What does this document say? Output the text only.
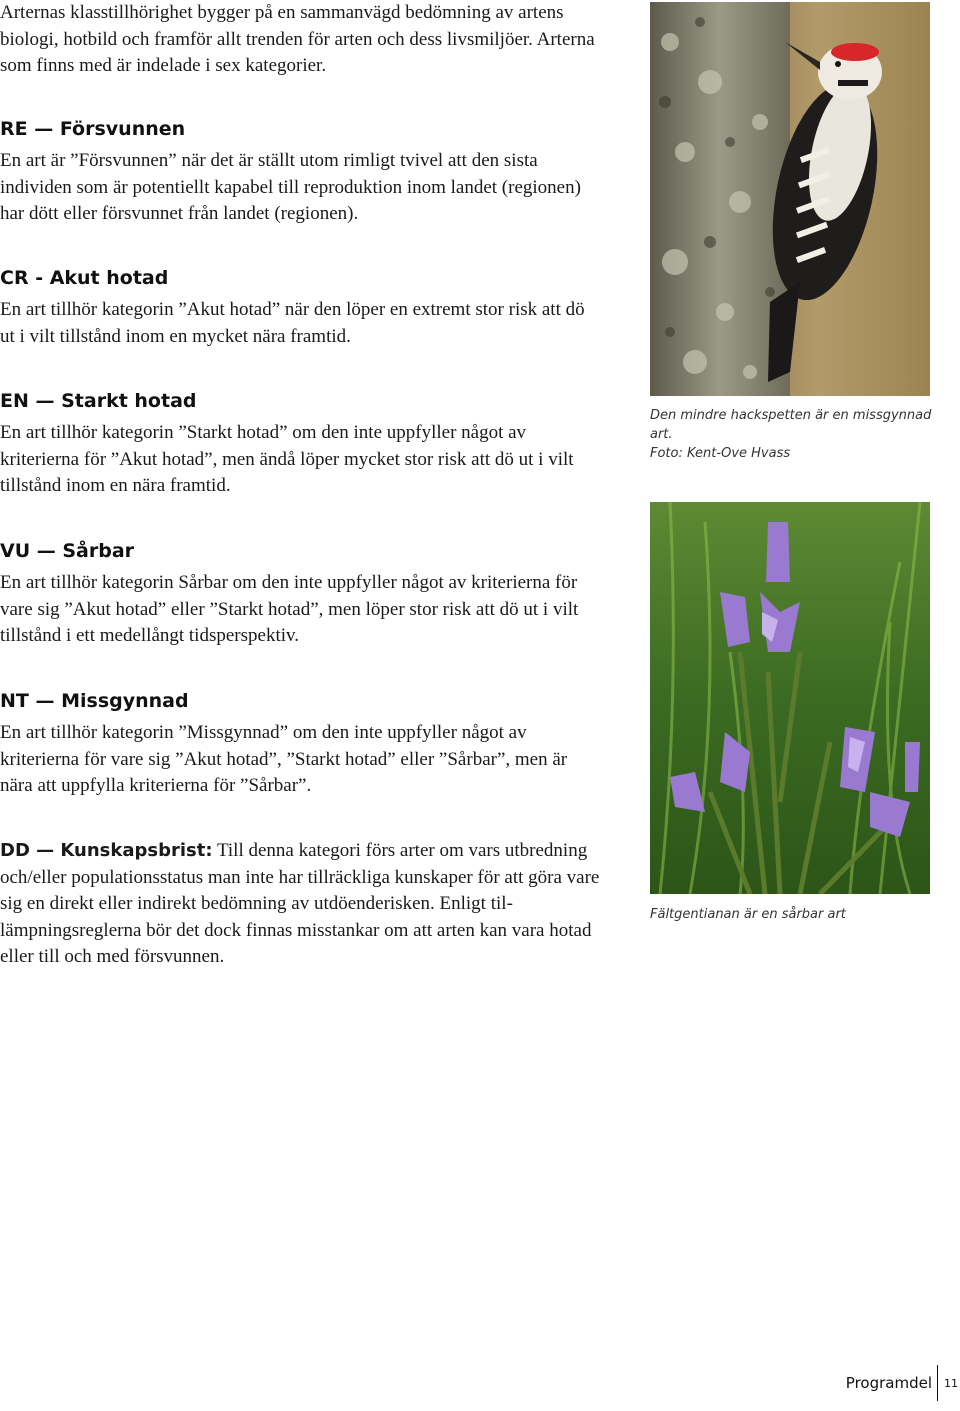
Arternas klasstillhörighet bygger på en sammanvägd bedömning av artens biologi, hotbild och framför allt trenden för arten och dess livsmiljöer. Arterna som finns med är indelade i sex kategorier.

RE — Försvunnen

En art är ”Försvunnen” när det är ställt utom rimligt tvivel att den sista individen som är potentiellt kapabel till reproduktion inom landet (regionen) har dött eller försvunnet från landet (regionen).

CR - Akut hotad

En art tillhör kategorin ”Akut hotad” när den löper en extremt stor risk att dö ut i vilt tillstånd inom en mycket nära framtid.

EN — Starkt hotad

En art tillhör kategorin ”Starkt hotad” om den inte uppfyller något av kriterierna för ”Akut hotad”, men ändå löper mycket stor risk att dö ut i vilt tillstånd inom en nära framtid.

VU — Sårbar

En art tillhör kategorin Sårbar om den inte uppfyller något av kriterierna för vare sig ”Akut hotad” eller ”Starkt hotad”, men löper stor risk att dö ut i vilt tillstånd i ett medellångt tidsperspektiv.

NT — Missgynnad

En art tillhör kategorin ”Missgynnad” om den inte uppfyller något av kriterierna för vare sig ”Akut hotad”, ”Starkt hotad” eller ”Sårbar”, men är nära att uppfylla kriterierna för ”Sårbar”.

DD — Kunskapsbrist: Till denna kategori förs arter om vars utbredning och/eller populationsstatus man inte har tillräckliga kunskaper för att göra vare sig en direkt eller indirekt bedömning av utdöenderisken. Enligt tillämpningsreglerna bör det dock finnas misstankar om att arten kan vara hotad eller till och med försvunnen.

Den mindre hackspetten är en missgynnad art.
Foto: Kent-Ove Hvass
Fältgentianan är en sårbar art
Programdel 11
